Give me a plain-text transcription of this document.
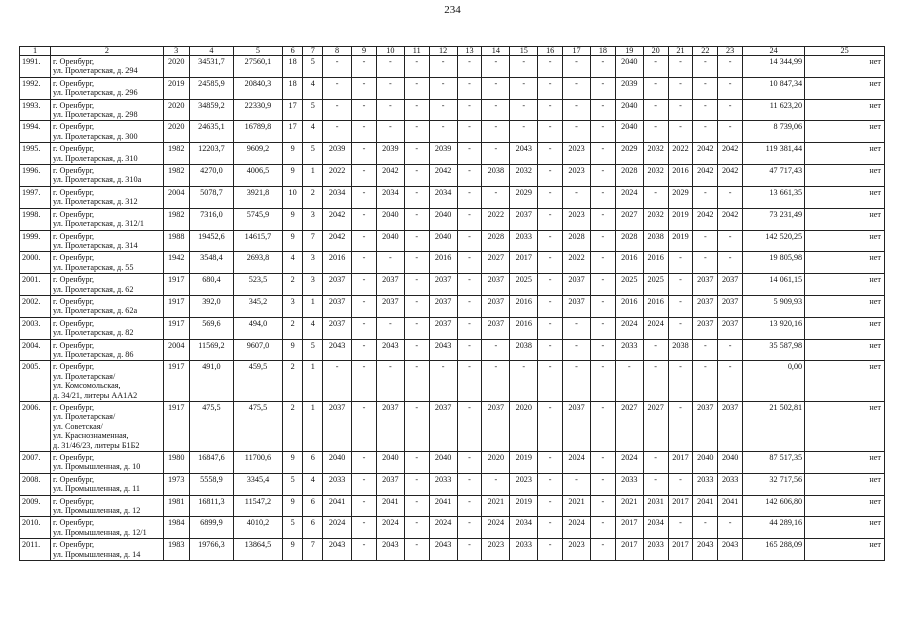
234
1	2	3	4	5	6	7	8	9	10	11	12	13	14	15	16	17	18	19	20	21	22	23	24	25
1991.	г. Оренбург,
ул. Пролетарская, д. 294	2020	34531,7	27560,1	18	5	-	-	-	-	-	-	-	-	-	-	-	2040	-	-	-	-	14 344,99	нет
1992.	г. Оренбург,
ул. Пролетарская, д. 296	2019	24585,9	20840,3	18	4	-	-	-	-	-	-	-	-	-	-	-	2039	-	-	-	-	10 847,34	нет
1993.	г. Оренбург,
ул. Пролетарская, д. 298	2020	34859,2	22330,9	17	5	-	-	-	-	-	-	-	-	-	-	-	2040	-	-	-	-	11 623,20	нет
1994.	г. Оренбург,
ул. Пролетарская, д. 300	2020	24635,1	16789,8	17	4	-	-	-	-	-	-	-	-	-	-	-	2040	-	-	-	-	8 739,06	нет
1995.	г. Оренбург,
ул. Пролетарская, д. 310	1982	12203,7	9609,2	9	5	2039	-	2039	-	2039	-	-	2043	-	2023	-	2029	2032	2022	2042	2042	119 381,44	нет
1996.	г. Оренбург,
ул. Пролетарская, д. 310а	1982	4270,0	4006,5	9	1	2022	-	2042	-	2042	-	2038	2032	-	2023	-	2028	2032	2016	2042	2042	47 717,43	нет
1997.	г. Оренбург,
ул. Пролетарская, д. 312	2004	5078,7	3921,8	10	2	2034	-	2034	-	2034	-	-	2029	-	-	-	2024	-	2029	-	-	13 661,35	нет
1998.	г. Оренбург,
ул. Пролетарская, д. 312/1	1982	7316,0	5745,9	9	3	2042	-	2040	-	2040	-	2022	2037	-	2023	-	2027	2032	2019	2042	2042	73 231,49	нет
1999.	г. Оренбург,
ул. Пролетарская, д. 314	1988	19452,6	14615,7	9	7	2042	-	2040	-	2040	-	2028	2033	-	2028	-	2028	2038	2019	-	-	142 520,25	нет
2000.	г. Оренбург,
ул. Пролетарская, д. 55	1942	3548,4	2693,8	4	3	2016	-	-	-	2016	-	2027	2017	-	2022	-	2016	2016	-	-	-	19 805,98	нет
2001.	г. Оренбург,
ул. Пролетарская, д. 62	1917	680,4	523,5	2	3	2037	-	2037	-	2037	-	2037	2025	-	2037	-	2025	2025	-	2037	2037	14 061,15	нет
2002.	г. Оренбург,
ул. Пролетарская, д. 62а	1917	392,0	345,2	3	1	2037	-	2037	-	2037	-	2037	2016	-	2037	-	2016	2016	-	2037	2037	5 909,93	нет
2003.	г. Оренбург,
ул. Пролетарская, д. 82	1917	569,6	494,0	2	4	2037	-	-	-	2037	-	2037	2016	-	-	-	2024	2024	-	2037	2037	13 920,16	нет
2004.	г. Оренбург,
ул. Пролетарская, д. 86	2004	11569,2	9607,0	9	5	2043	-	2043	-	2043	-	-	2038	-	-	-	2033	-	2038	-	-	35 587,98	нет
2005.	г. Оренбург,
ул. Пролетарская/
ул. Комсомольская,
д. 34/21, литеры АА1А2	1917	491,0	459,5	2	1	-	-	-	-	-	-	-	-	-	-	-	-	-	-	-	-	0,00	нет
2006.	г. Оренбург,
ул. Пролетарская/
ул. Советская/
ул. Краснознаменная,
д. 31/46/23, литеры Б1Б2	1917	475,5	475,5	2	1	2037	-	2037	-	2037	-	2037	2020	-	2037	-	2027	2027	-	2037	2037	21 502,81	нет
2007.	г. Оренбург,
ул. Промышленная, д. 10	1980	16847,6	11700,6	9	6	2040	-	2040	-	2040	-	2020	2019	-	2024	-	2024	-	2017	2040	2040	87 517,35	нет
2008.	г. Оренбург,
ул. Промышленная, д. 11	1973	5558,9	3345,4	5	4	2033	-	2037	-	2033	-	-	2023	-	-	-	2033	-	-	2033	2033	32 717,56	нет
2009.	г. Оренбург,
ул. Промышленная, д. 12	1981	16811,3	11547,2	9	6	2041	-	2041	-	2041	-	2021	2019	-	2021	-	2021	2031	2017	2041	2041	142 606,80	нет
2010.	г. Оренбург,
ул. Промышленная, д. 12/1	1984	6899,9	4010,2	5	6	2024	-	2024	-	2024	-	2024	2034	-	2024	-	2017	2034	-	-	-	44 289,16	нет
2011.	г. Оренбург,
ул. Промышленная, д. 14	1983	19766,3	13864,5	9	7	2043	-	2043	-	2043	-	2023	2033	-	2023	-	2017	2033	2017	2043	2043	165 288,09	нет
